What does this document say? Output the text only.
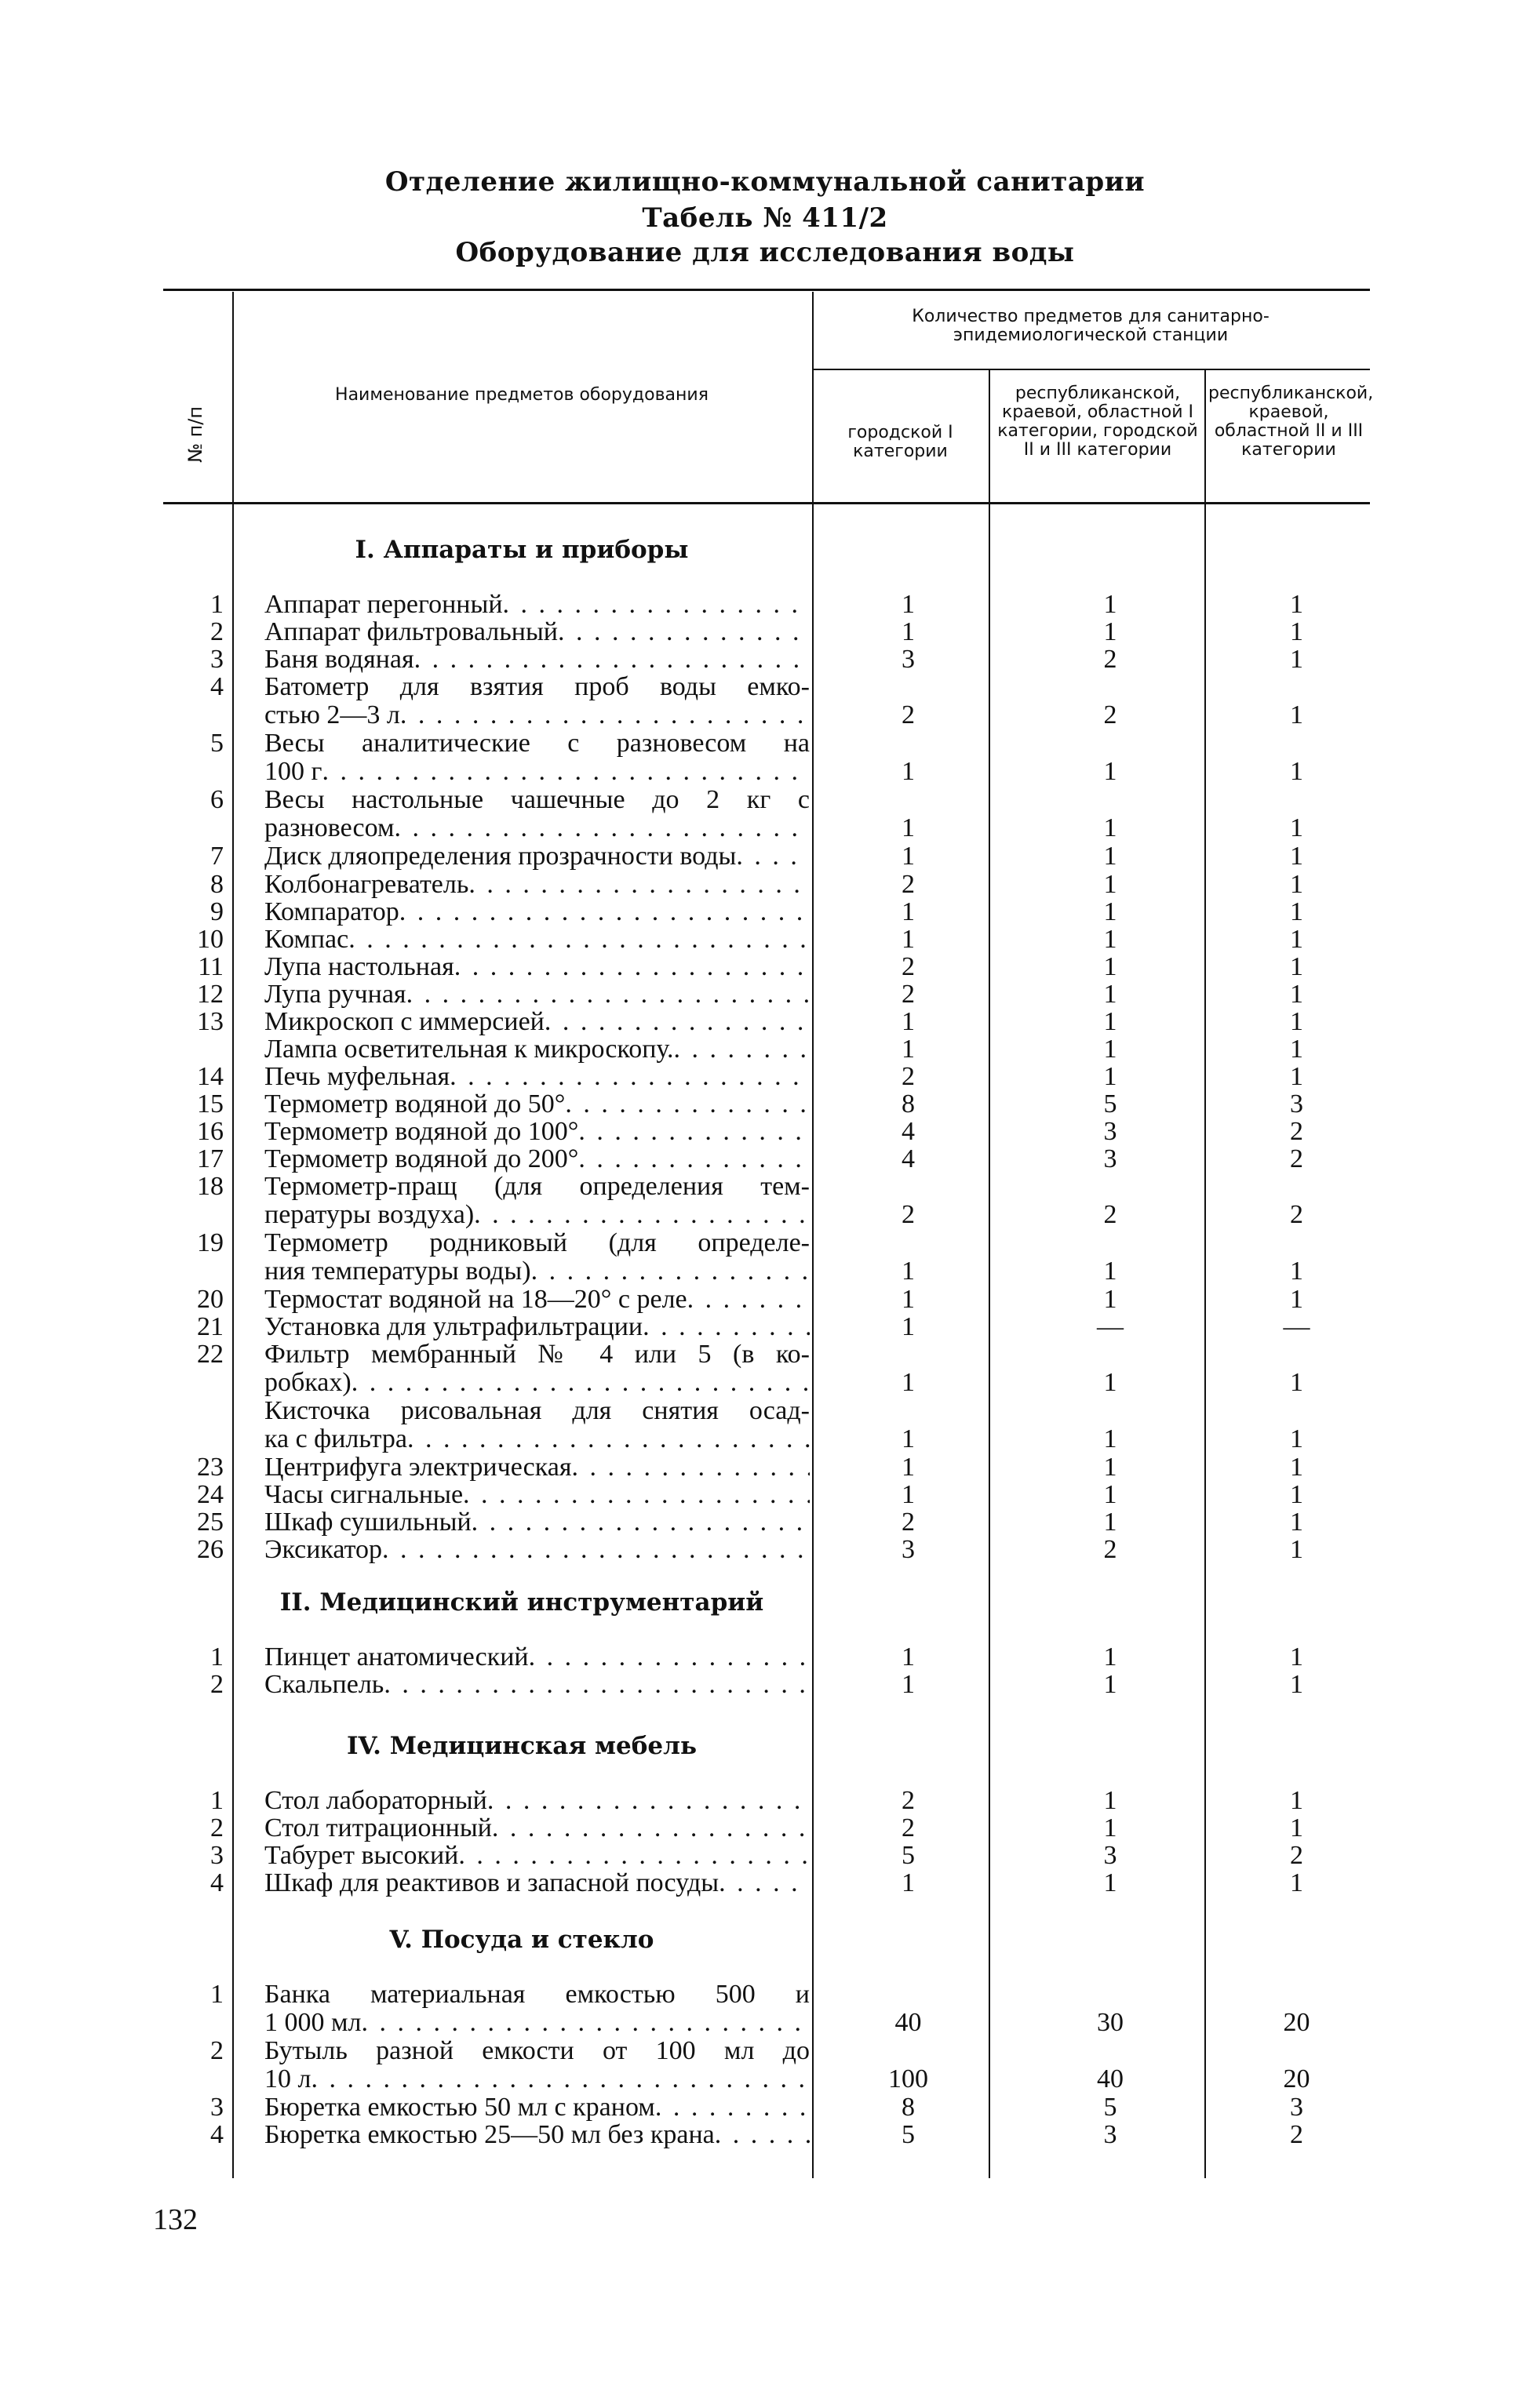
Отделение жилищно-коммунальной санитарии
Табель № 411/2
Оборудование для исследования воды
№ п/п
Наименование предметов оборудования
Количество предметов для санитарно-эпидемиологической станции
городской I категории
республиканской, краевой, областной I категории, городской II и III категории
республиканской, краевой, областной II и III категории
I. Аппараты и приборы
1 Аппарат перегонный . . .	1	1	1
2 Аппарат фильтровальный . . .	1	1	1
3 Баня водяная . . .	3	2	1
4 Батометр для взятия проб воды емко-
стью 2—3 л . . .	2	2	1
5 Весы аналитические с разновесом на
100 г . . .	1	1	1
6 Весы настольные чашечные до 2 кг с
разновесом . . .	1	1	1
7 Диск дляопределения прозрачности воды . . .	1	1	1
8 Колбонагреватель . . .	2	1	1
9 Компаратор . . .	1	1	1
10 Компас . . .	1	1	1
11 Лупа настольная . . .	2	1	1
12 Лупа ручная . . .	2	1	1
13 Микроскоп с иммерсией . . .	1	1	1
Лампа осветительная к микроскопу. . . .	1	1	1
14 Печь муфельная . . .	2	1	1
15 Термометр водяной до 50° . . .	8	5	3
16 Термометр водяной до 100° . . .	4	3	2
17 Термометр водяной до 200° . . .	4	3	2
18 Термометр-пращ (для определения тем-
пературы воздуха) . . .	2	2	2
19 Термометр родниковый (для определе-
ния температуры воды) . . .	1	1	1
20 Термостат водяной на 18—20° с реле . . .	1	1	1
21 Установка для ультрафильтрации . . .	1	—	—
22 Фильтр мембранный № 4 или 5 (в ко-
робках) . . .	1	1	1
Кисточка рисовальная для снятия осад-
ка с фильтра . . .	1	1	1
23 Центрифуга электрическая . . .	1	1	1
24 Часы сигнальные . . .	1	1	1
25 Шкаф сушильный . . .	2	1	1
26 Эксикатор . . .	3	2	1
II. Медицинский инструментарий
1 Пинцет анатомический . . .	1	1	1
2 Скальпель . . .	1	1	1
IV. Медицинская мебель
1 Стол лабораторный . . .	2	1	1
2 Стол титрационный . . .	2	1	1
3 Табурет высокий . . .	5	3	2
4 Шкаф для реактивов и запасной посуды . . .	1	1	1
V. Посуда и стекло
1 Банка материальная емкостью 500 и
1 000 мл . . .	40	30	20
2 Бутыль разной емкости от 100 мл до
10 л . . .	100	40	20
3 Бюретка емкостью 50 мл с краном . . .	8	5	3
4 Бюретка емкостью 25—50 мл без крана . . .	5	3	2
132
